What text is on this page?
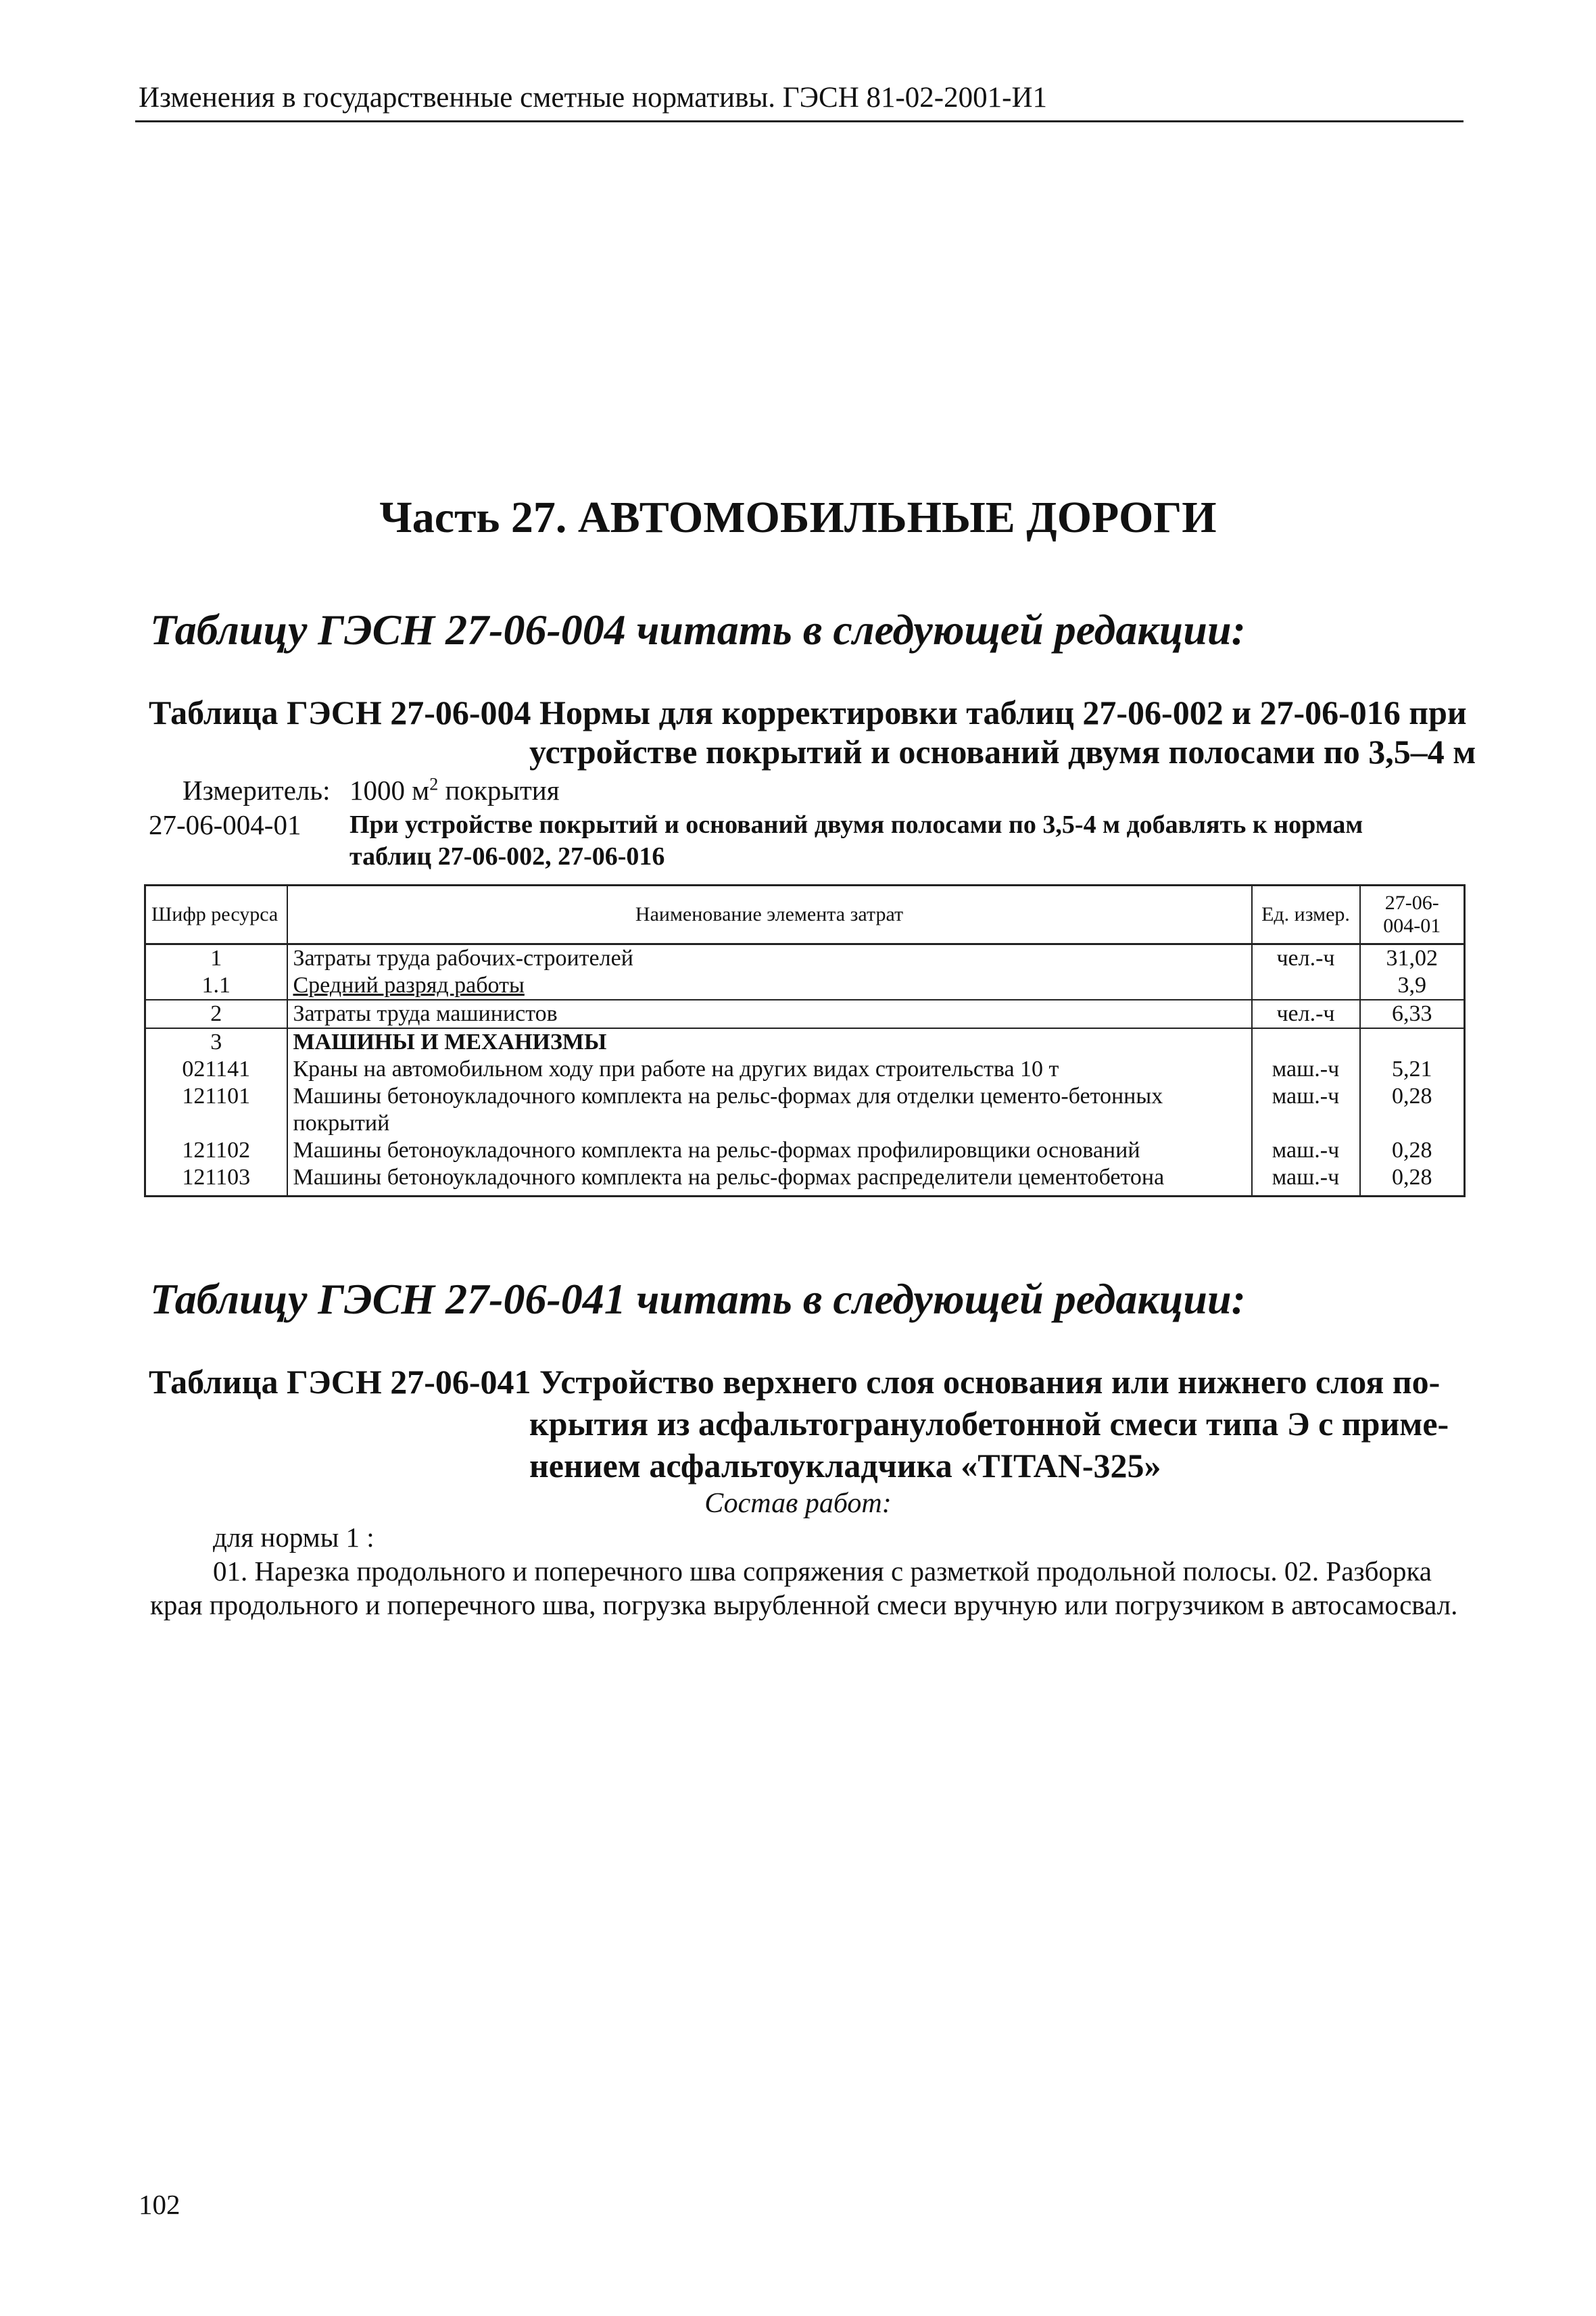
Изменения в государственные сметные нормативы. ГЭСН 81-02-2001-И1
Часть 27. АВТОМОБИЛЬНЫЕ ДОРОГИ
Таблицу ГЭСН 27-06-004 читать в следующей редакции:
Таблица ГЭСН 27-06-004 Нормы для корректировки таблиц 27-06-002 и 27-06-016 при
устройстве покрытий и оснований двумя полосами по 3,5–4 м
Измеритель: 1000 $м^2$ покрытия
27-06-004-01 При устройстве покрытий и оснований двумя полосами по 3,5-4 м добавлять к нормам
таблиц 27-06-002, 27-06-016
Шифр ресурса	Наименование элемента затрат	Ед. измер.	27-06-
004-01
1	Затраты труда рабочих-строителей	чел.-ч	31,02
1.1	Средний разряд работы		3,9
2	Затраты труда машинистов	чел.-ч	6,33
3	МАШИНЫ И МЕХАНИЗМЫ		
021141	Краны на автомобильном ходу при работе на других видах строительства 10 т	маш.-ч	5,21
121101	Машины бетоноукладочного комплекта на рельс-формах для отделки цементо-бетонных покрытий	маш.-ч	0,28
121102	Машины бетоноукладочного комплекта на рельс-формах профилировщики оснований	маш.-ч	0,28
121103	Машины бетоноукладочного комплекта на рельс-формах распределители цементобетона	маш.-ч	0,28
Таблицу ГЭСН 27-06-041 читать в следующей редакции:
Таблица ГЭСН 27-06-041 Устройство верхнего слоя основания или нижнего слоя по-
крытия из асфальтогранулобетонной смеси типа Э с приме-
нением асфальтоукладчика «TITAN-325»
Состав работ:
для нормы 1 :
01. Нарезка продольного и поперечного шва сопряжения с разметкой продольной полосы. 02. Разборка
края продольного и поперечного шва, погрузка вырубленной смеси вручную или погрузчиком в автосамосвал.
102
